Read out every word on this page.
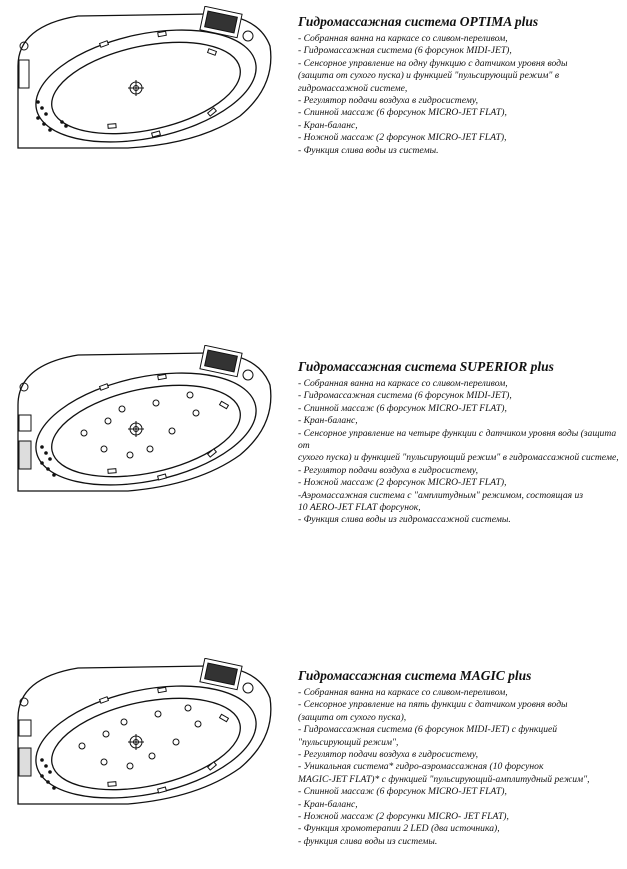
Гидромассажная система OPTIMA plus
- Собранная ванна на каркасе со сливом-переливом,
- Гидромассажная система (6 форсунок MIDI-JET),
- Сенсорное управление на одну функцию с датчиком уровня воды
(защита от сухого пуска) и функцией "пульсирующий режим" в
гидромассажной системе,
- Регулятор подачи воздуха в гидросистему,
- Спинной массаж (6 форсунок MICRO-JET FLAT),
- Кран-баланс,
- Ножной массаж (2 форсунок MICRO-JET FLAT),
- Функция слива воды из системы.
Гидромассажная система SUPERIOR plus
- Собранная ванна на каркасе со сливом-переливом,
- Гидромассажная система (6 форсунок MIDI-JET),
- Спинной массаж (6 форсунок MICRO-JET FLAT),
- Кран-баланс,
- Сенсорное управление на четыре функции с датчиком уровня воды (защита от
сухого пуска) и функцией "пульсирующий режим" в гидромассажной системе,
- Регулятор подачи воздуха в гидросистему,
- Ножной массаж (2 форсунок MICRO-JET FLAT),
-Аэромассажная система с "амплитудным" режимом, состоящая из
10 AERO-JET FLAT форсунок,
- Функция слива воды из гидромассажной системы.
Гидромассажная система MAGIC plus
- Собранная ванна на каркасе со сливом-переливом,
- Сенсорное управление на пять функции с датчиком уровня воды
(защита от сухого пуска),
- Гидромассажная система (6 форсунок MIDI-JET) с функцией
"пульсирующий режим",
- Регулятор подачи воздуха в гидросистему,
- Уникальная система* гидро-аэромассажная (10 форсунок
MAGIC-JET FLAT)* с функцией "пульсирующий-амплитудный режим",
- Спинной массаж (6 форсунок MICRO-JET FLAT),
- Кран-баланс,
- Ножной массаж (2 форсунки MICRO- JET FLAT),
- Функция хромотерапии 2 LED (два источника),
- функция слива воды из системы.
